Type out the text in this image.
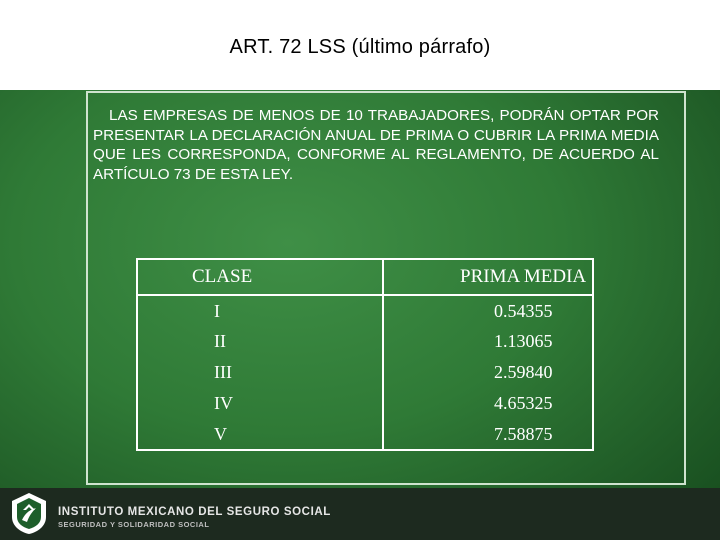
ART. 72 LSS (último párrafo)
LAS EMPRESAS DE MENOS DE 10 TRABAJADORES, PODRÁN OPTAR POR PRESENTAR LA DECLARACIÓN ANUAL DE PRIMA O CUBRIR LA PRIMA MEDIA QUE LES CORRESPONDA, CONFORME AL REGLAMENTO, DE ACUERDO AL ARTÍCULO 73 DE ESTA LEY.
CLASE	PRIMA MEDIA
I	0.54355
II	1.13065
III	2.59840
IV	4.65325
V	7.58875
INSTITUTO MEXICANO DEL SEGURO SOCIAL
SEGURIDAD Y SOLIDARIDAD SOCIAL
